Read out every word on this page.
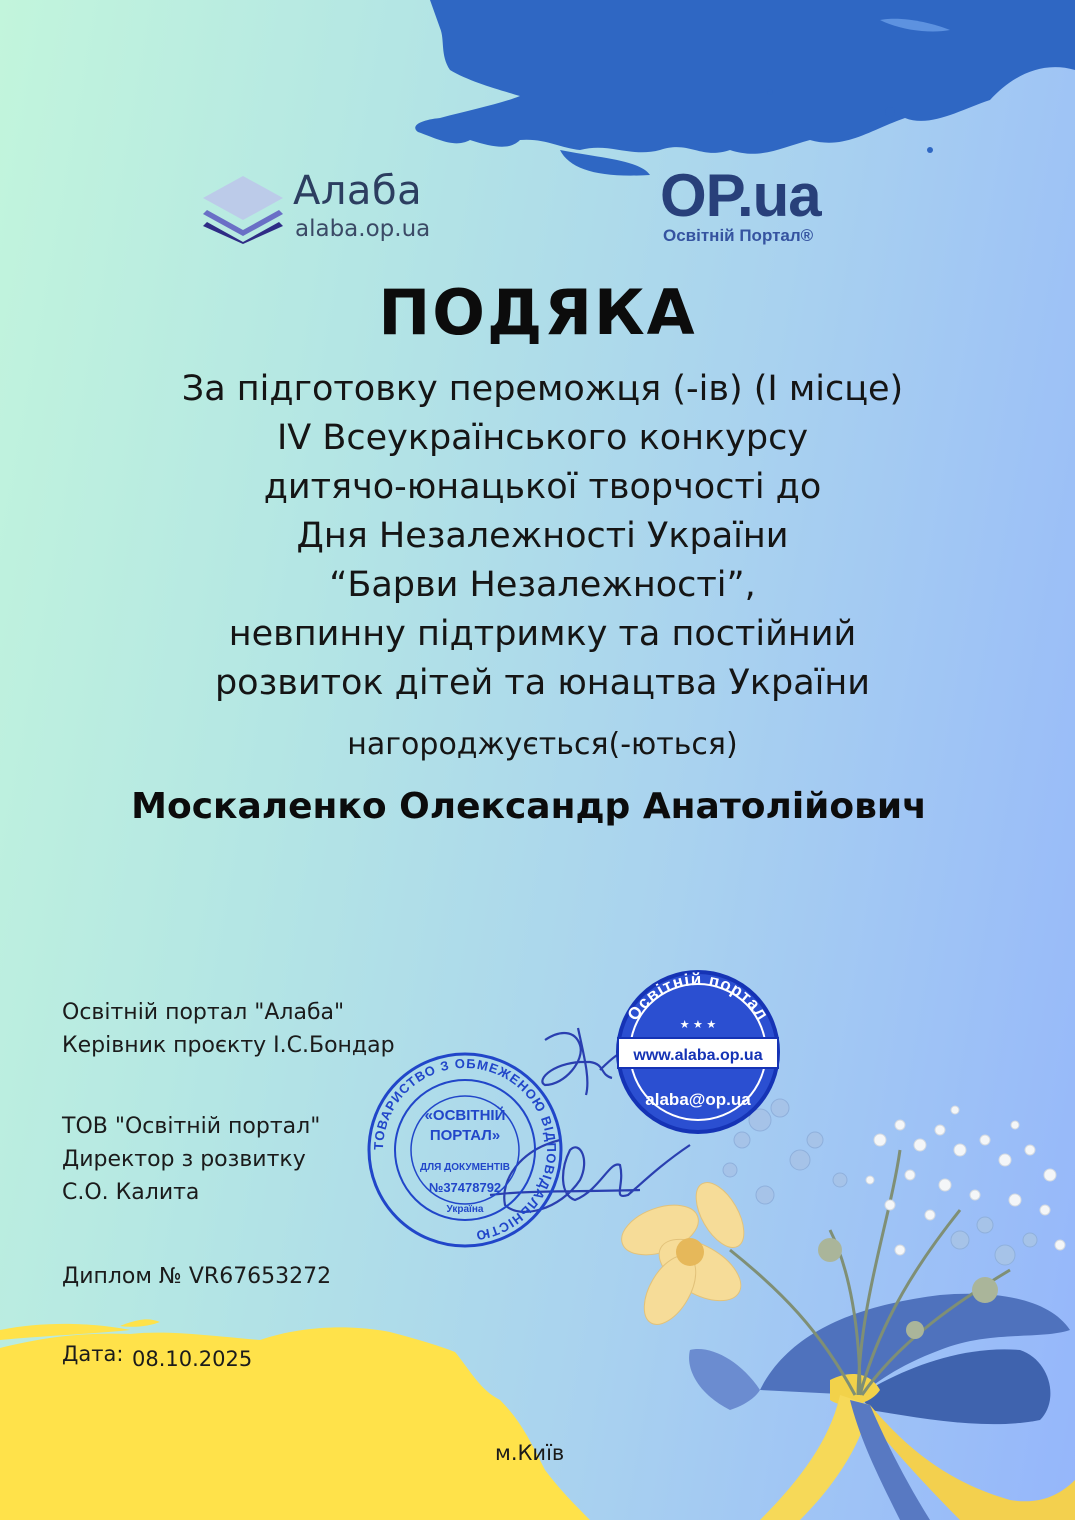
Алаба
alaba.op.ua	OP.ua
Освітній Портал®
ПОДЯКА
За підготовку переможця (-ів) (I місце)
IV Всеукраїнського конкурсу
дитячо-юнацької творчості до
Дня Незалежності України
“Барви Незалежності”,
невпинну підтримку та постійний
розвиток дітей та юнацтва України
нагороджується(-ються)
Москаленко Олександр Анатолійович
Освітній портал "Алаба"
Керівник проєкту І.С.Бондар
ТОВ "Освітній портал"
Директор з розвитку
С.О. Калита
Диплом № VR67653272
Дата: 08.10.2025
м.Київ
ТОВАРИСТВО З ОБМЕЖЕНОЮ ВІДПОВІДАЛЬНІСТЮ
«ОСВІТНІЙ
ПОРТАЛ»
ДЛЯ ДОКУМЕНТІВ
№37478792
Україна
www.alaba.op.ua
Освітній портал
alaba@op.ua
★ ★ ★
